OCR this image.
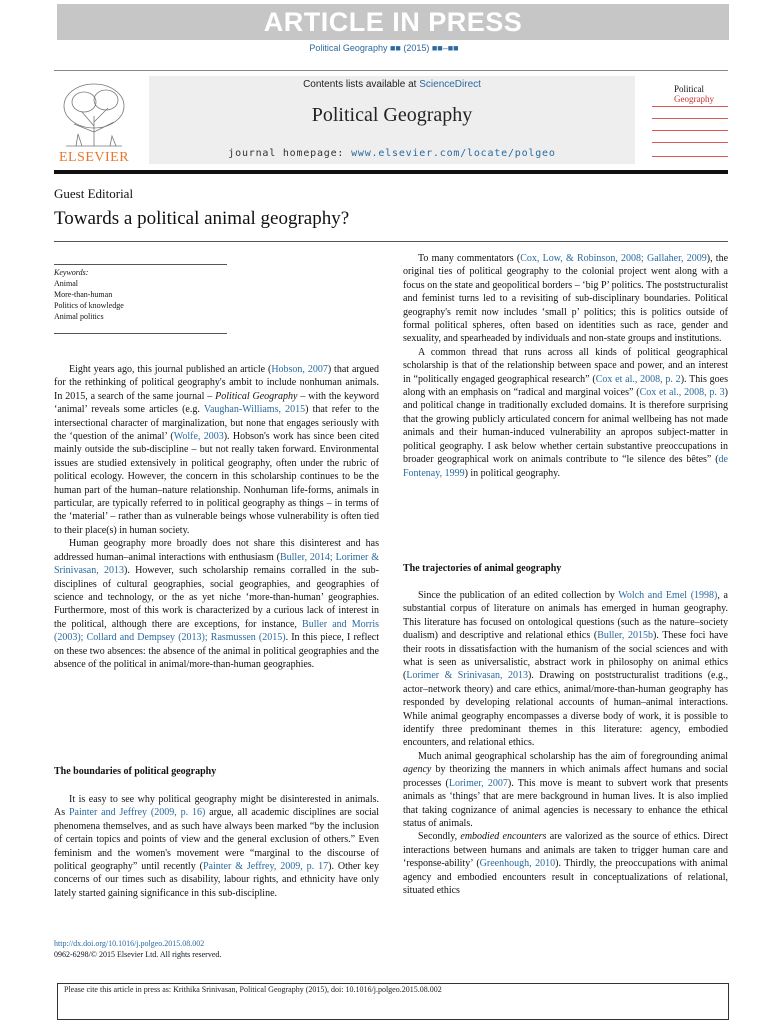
ARTICLE IN PRESS
Political Geography ■■ (2015) ■■–■■
ELSEVIER
Contents lists available at ScienceDirect
Political Geography
journal homepage: www.elsevier.com/locate/polgeo
Political
Geography
Guest Editorial
Towards a political animal geography?
Keywords:
Animal
More-than-human
Politics of knowledge
Animal politics

Eight years ago, this journal published an article (Hobson, 2007) that argued for the rethinking of political geography's ambit to include nonhuman animals. In 2015, a search of the same journal – Political Geography – with the keyword ‘animal’ reveals some articles (e.g. Vaughan-Williams, 2015) that refer to the intersectional character of marginalization, but none that engages seriously with the ‘question of the animal’ (Wolfe, 2003). Hobson's work has since been cited mainly outside the sub-discipline – but not really taken forward. Environmental issues are studied extensively in political geography, often under the rubric of political ecology. However, the concern in this scholarship continues to be the human part of the human–nature relationship. Nonhuman life-forms, animals in particular, are typically referred to in political geography as things – in terms of the ‘material’ – rather than as vulnerable beings whose vulnerability is often tied to their place(s) in human society.

Human geography more broadly does not share this disinterest and has addressed human–animal interactions with enthusiasm (Buller, 2014; Lorimer & Srinivasan, 2013). However, such scholarship remains corralled in the sub-disciplines of cultural geographies, social geographies, and geographies of science and technology, or the as yet niche ‘more-than-human’ geographies. Furthermore, most of this work is characterized by a curious lack of interest in the political, although there are exceptions, for instance, Buller and Morris (2003); Collard and Dempsey (2013); Rasmussen (2015). In this piece, I reflect on these two absences: the absence of the animal in political geographies and the absence of the political in animal/more-than-human geographies.

The boundaries of political geography

It is easy to see why political geography might be disinterested in animals. As Painter and Jeffrey (2009, p. 16) argue, all academic disciplines are social phenomena themselves, and as such have always been marked “by the inclusion of certain topics and points of view and the general exclusion of others.” Even feminism and the women's movement were “marginal to the discourse of political geography” until recently (Painter & Jeffrey, 2009, p. 17). Other key concerns of our times such as disability, labour rights, and ethnicity have only lately started gaining significance in this sub-discipline.

http://dx.doi.org/10.1016/j.polgeo.2015.08.002
0962-6298/© 2015 Elsevier Ltd. All rights reserved.

To many commentators (Cox, Low, & Robinson, 2008; Gallaher, 2009), the original ties of political geography to the colonial project went along with a focus on the state and geopolitical borders – ‘big P’ politics. The poststructuralist and feminist turns led to a revisiting of sub-disciplinary boundaries. Political geography's remit now includes ‘small p’ politics; this is politics outside of formal political spheres, often based on identities such as race, gender and sexuality, and spearheaded by individuals and non-state groups and institutions.

A common thread that runs across all kinds of political geographical scholarship is that of the relationship between space and power, and an interest in “politically engaged geographical research” (Cox et al., 2008, p. 2). This goes along with an emphasis on “radical and marginal voices” (Cox et al., 2008, p. 3) and political change in traditionally excluded domains. It is therefore surprising that the growing publicly articulated concern for animal wellbeing has not made animals and their human-induced vulnerability an apropos subject-matter in political geography. I ask below whether certain substantive preoccupations in broader geographical work on animals contribute to “le silence des bêtes” (de Fontenay, 1999) in political geography.

The trajectories of animal geography

Since the publication of an edited collection by Wolch and Emel (1998), a substantial corpus of literature on animals has emerged in human geography. This literature has focused on ontological questions (such as the nature–society dualism) and descriptive and relational ethics (Buller, 2015b). These foci have their roots in dissatisfaction with the humanism of the social sciences and with what is seen as universalistic, abstract work in philosophy on animal ethics (Lorimer & Srinivasan, 2013). Drawing on poststructuralist traditions (e.g., actor–network theory) and care ethics, animal/more-than-human geography has responded by developing relational accounts of human–animal interactions. While animal geography encompasses a diverse body of work, it is possible to identify three predominant themes in this literature: agency, embodied encounters, and relational ethics.

Much animal geographical scholarship has the aim of foregrounding animal agency by theorizing the manners in which animals affect humans and social processes (Lorimer, 2007). This move is meant to subvert work that presents animals as ‘things’ that are mere background in human lives. It is also implied that taking cognizance of animal agencies is necessary to enhance the ethical status of animals.

Secondly, embodied encounters are valorized as the source of ethics. Direct interactions between humans and animals are taken to trigger human care and ‘response-ability’ (Greenhough, 2010). Thirdly, the preoccupations with animal agency and embodied encounters result in conceptualizations of relational, situated ethics

Please cite this article in press as: Krithika Srinivasan, Political Geography (2015), doi: 10.1016/j.polgeo.2015.08.002
